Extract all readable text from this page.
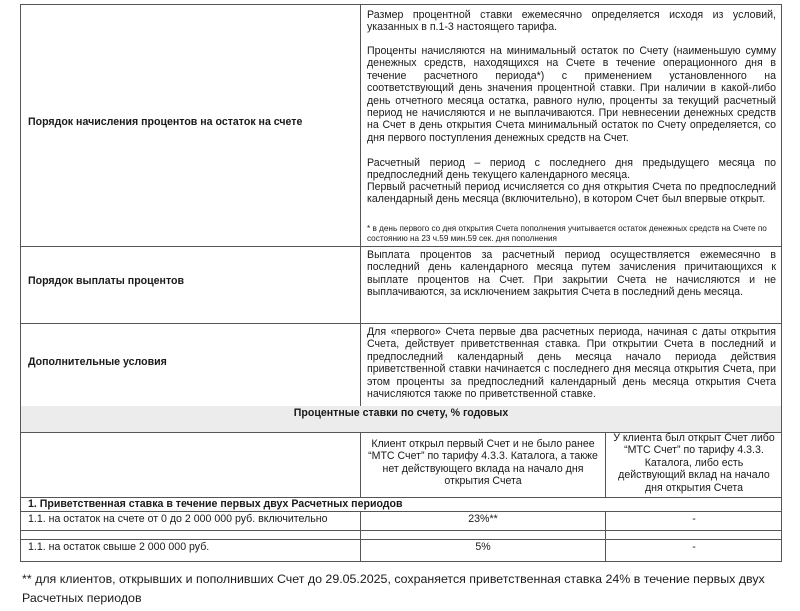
Порядок начисления процентов на остаток на счете
Размер процентной ставки ежемесячно определяется исходя из условий, указанных в п.1-3 настоящего тарифа.
Проценты начисляются на минимальный остаток по Счету (наименьшую сумму денежных средств, находящихся на Счете в течение операционного дня в течение расчетного периода*) с применением установленного на соответствующий день значения процентной ставки. При наличии в какой-либо день отчетного месяца остатка, равного нулю, проценты за текущий расчетный период не начисляются и не выплачиваются. При невнесении денежных средств на Счет в день открытия Счета минимальный остаток по Счету определяется, со дня первого поступления денежных средств на Счет.
Расчетный период – период с последнего дня предыдущего месяца по предпоследний день текущего календарного месяца.
Первый расчетный период исчисляется со дня открытия Счета по предпоследний календарный день месяца (включительно), в котором Счет был впервые открыт.
* в день первого со дня открытия Счета пополнения учитывается остаток денежных средств на Счете по состоянию на 23 ч.59 мин.59 сек. дня пополнения
Порядок выплаты процентов
Выплата процентов за расчетный период осуществляется ежемесячно в последний день календарного месяца путем зачисления причитающихся к выплате процентов на Счет. При закрытии Счета не начисляются и не выплачиваются, за исключением закрытия Счета в последний день месяца.
Дополнительные условия
Для «первого» Счета первые два расчетных периода, начиная с даты открытия Счета, действует приветственная ставка. При открытии Счета в последний и предпоследний календарный день месяца начало периода действия приветственной ставки начинается с последнего дня месяца открытия Счета, при этом проценты за предпоследний календарный день месяца открытия Счета начисляются также по приветственной ставке.
Процентные ставки по счету, % годовых
Клиент открыл первый Счет и не было ранее “МТС Счет” по тарифу 4.3.3. Каталога, а также нет действующего вклада на начало дня открытия Счета
У клиента был открыт Счет либо “МТС Счет” по тарифу 4.3.3. Каталога, либо есть действующий вклад на начало дня открытия Счета
1. Приветственная ставка в течение первых двух Расчетных периодов
1.1. на остаток на счете от 0 до 2 000 000 руб. включительно	23%**	-
1.1. на остаток свыше 2 000 000 руб.	5%	-
** для клиентов, открывших и пополнивших Счет до 29.05.2025, сохраняется приветственная ставка 24% в течение первых двух Расчетных периодов
